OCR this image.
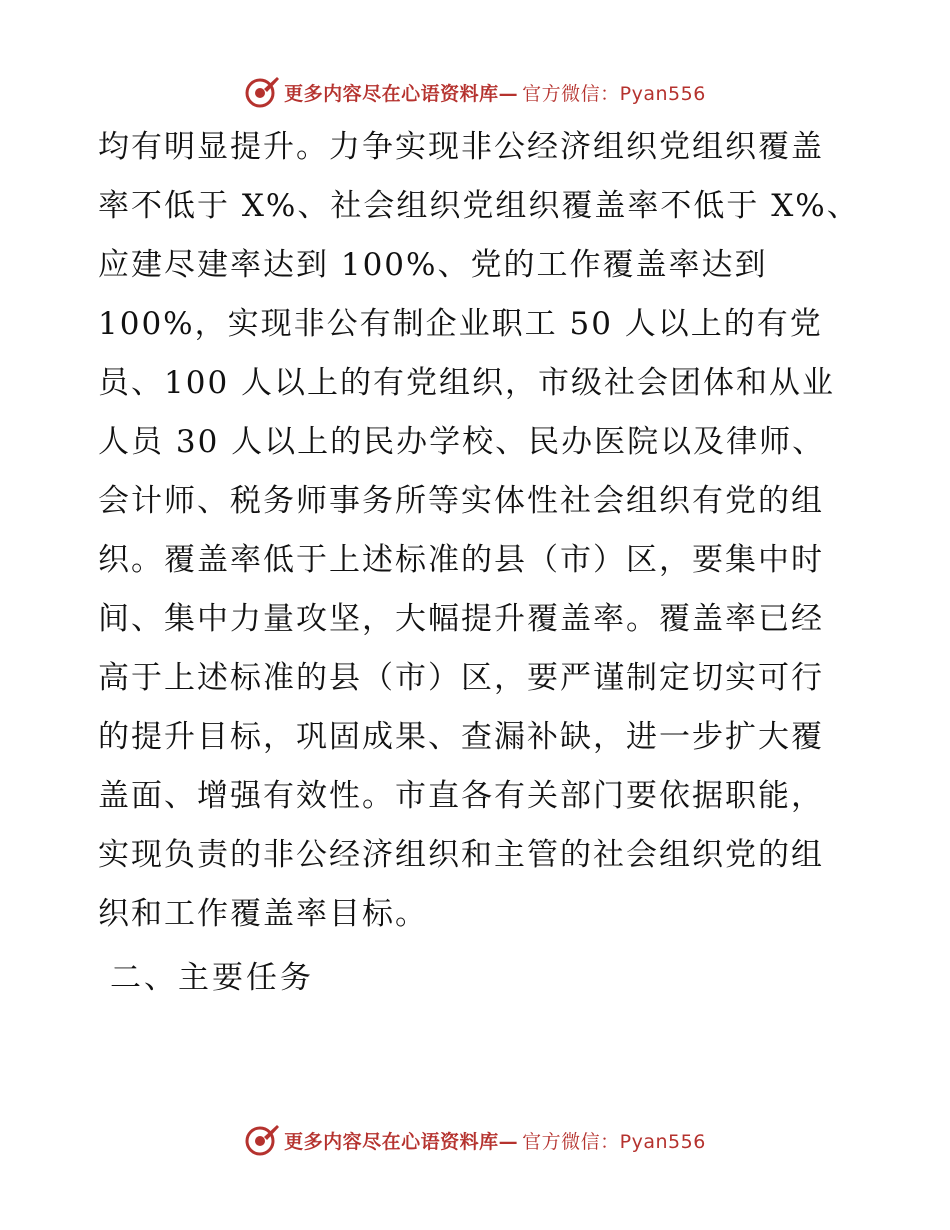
更多内容尽在心语资料库— 官方微信：Pyan556
均有明显提升。力争实现非公经济组织党组织覆盖
率不低于 X%、社会组织党组织覆盖率不低于 X%、
应建尽建率达到 100%、党的工作覆盖率达到
100%，实现非公有制企业职工 50 人以上的有党
员、100 人以上的有党组织，市级社会团体和从业
人员 30 人以上的民办学校、民办医院以及律师、
会计师、税务师事务所等实体性社会组织有党的组
织。覆盖率低于上述标准的县（市）区，要集中时
间、集中力量攻坚，大幅提升覆盖率。覆盖率已经
高于上述标准的县（市）区，要严谨制定切实可行
的提升目标，巩固成果、查漏补缺，进一步扩大覆
盖面、增强有效性。市直各有关部门要依据职能，
实现负责的非公经济组织和主管的社会组织党的组
织和工作覆盖率目标。
二、主要任务
更多内容尽在心语资料库— 官方微信：Pyan556
